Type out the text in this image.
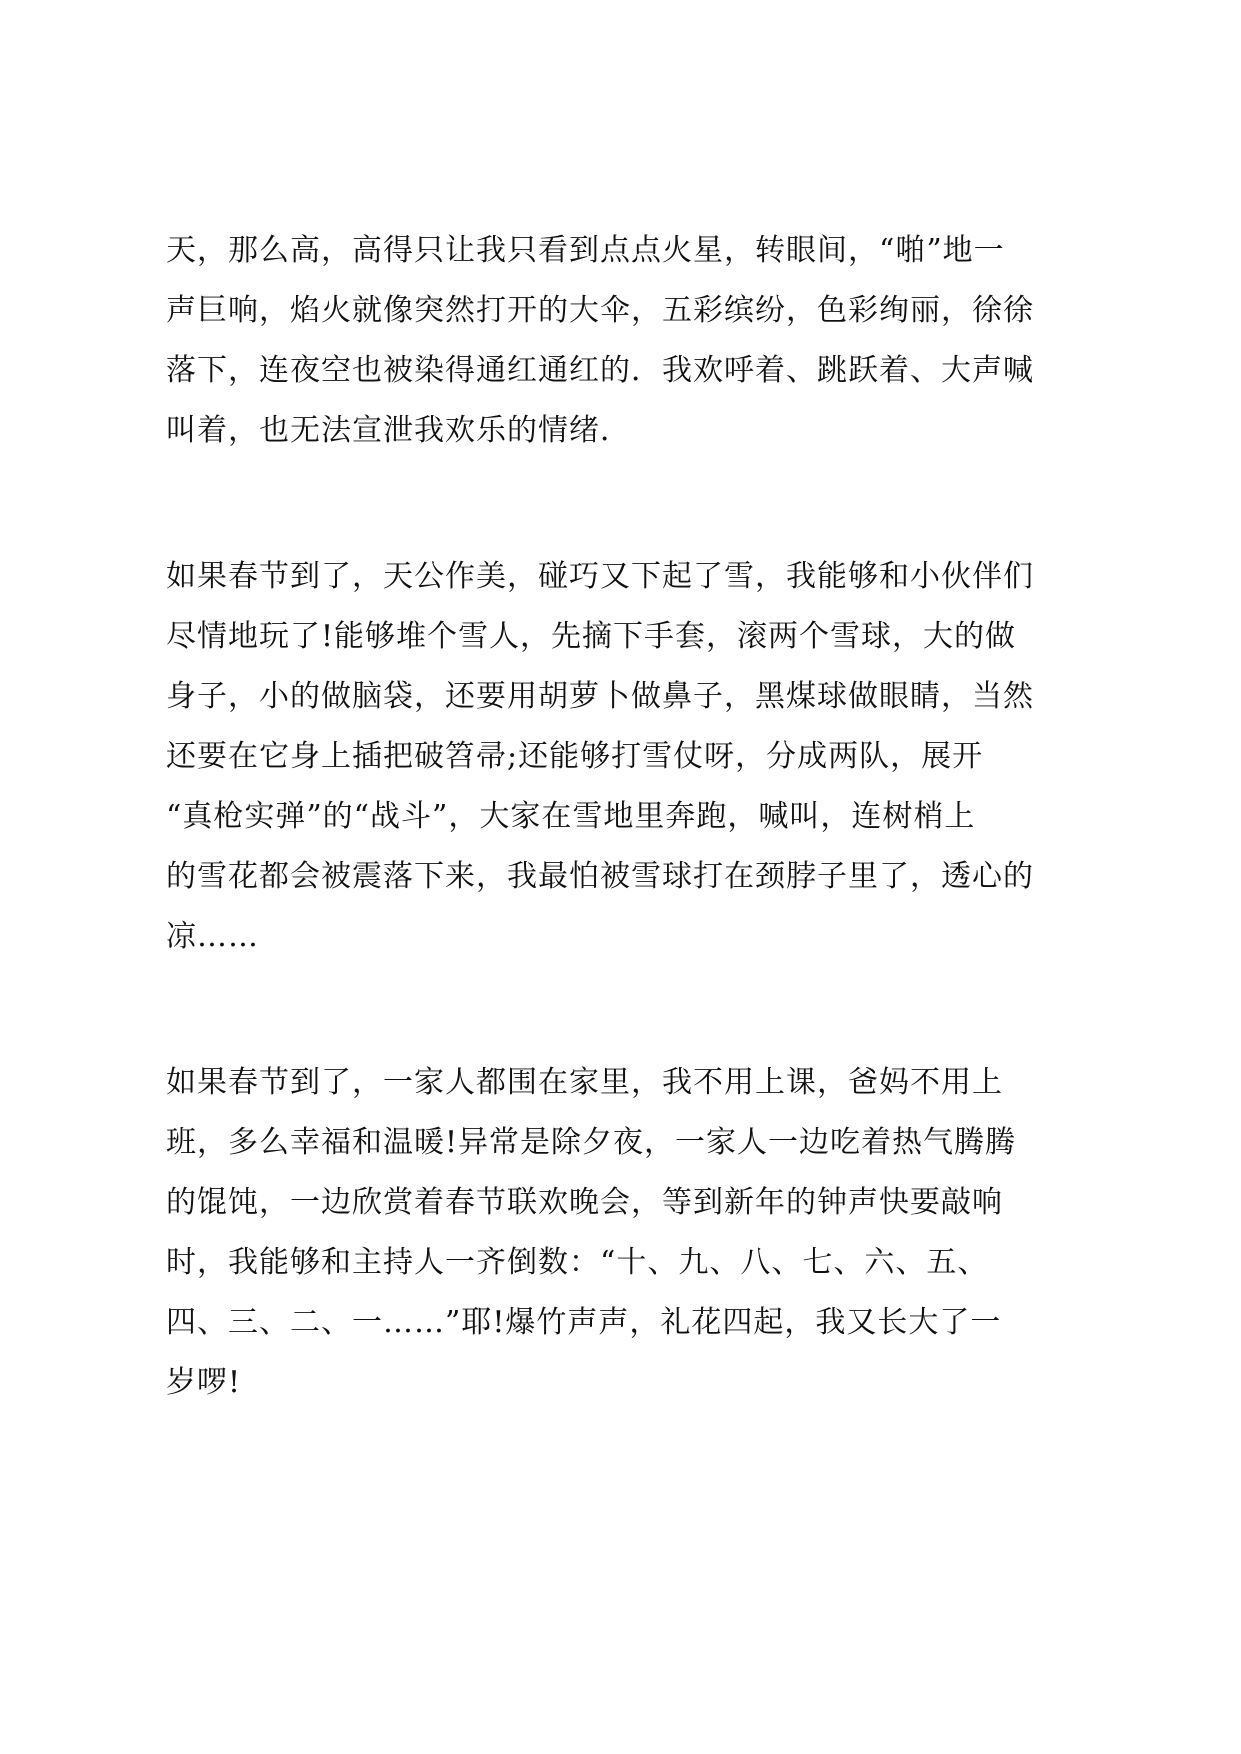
天，那么高，高得只让我只看到点点火星，转眼间，“啪”地一
声巨响，焰火就像突然打开的大伞，五彩缤纷，色彩绚丽，徐徐
落下，连夜空也被染得通红通红的．我欢呼着、跳跃着、大声喊
叫着，也无法宣泄我欢乐的情绪．
如果春节到了，天公作美，碰巧又下起了雪，我能够和小伙伴们
尽情地玩了!能够堆个雪人，先摘下手套，滚两个雪球，大的做
身子，小的做脑袋，还要用胡萝卜做鼻子，黑煤球做眼睛，当然
还要在它身上插把破笤帚;还能够打雪仗呀，分成两队，展开
“真枪实弹”的“战斗”，大家在雪地里奔跑，喊叫，连树梢上
的雪花都会被震落下来，我最怕被雪球打在颈脖子里了，透心的
凉……
如果春节到了，一家人都围在家里，我不用上课，爸妈不用上
班，多么幸福和温暖!异常是除夕夜，一家人一边吃着热气腾腾
的馄饨，一边欣赏着春节联欢晚会，等到新年的钟声快要敲响
时，我能够和主持人一齐倒数：“十、九、八、七、六、五、
四、三、二、一……”耶!爆竹声声，礼花四起，我又长大了一
岁啰!
